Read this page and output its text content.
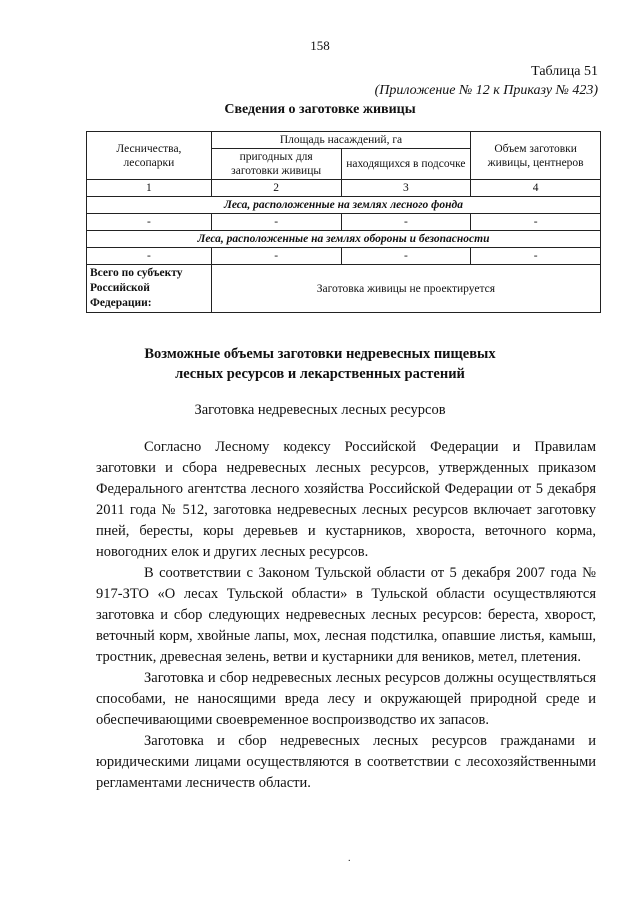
158
Таблица 51
(Приложение № 12 к Приказу № 423)
Сведения о заготовке живицы
Лесничества, лесопарки	Площадь насаждений, га		Объем заготовки живицы, центнеров
	пригодных для заготовки живицы	находящихся в подсочке	
1	2	3	4
Леса, расположенные на землях лесного фонда			
-	-	-	-
Леса, расположенные на землях обороны и безопасности			
-	-	-	-
Всего по субъекту Российской Федерации:	Заготовка живицы не проектируется		
Возможные объемы заготовки недревесных пищевых
лесных ресурсов и лекарственных растений
Заготовка недревесных лесных ресурсов

Согласно Лесному кодексу Российской Федерации и Правилам заготовки и сбора недревесных лесных ресурсов, утвержденных приказом Федерального агентства лесного хозяйства Российской Федерации от 5 декабря 2011 года № 512, заготовка недревесных лесных ресурсов включает заготовку пней, бересты, коры деревьев и кустарников, хвороста, веточного корма, новогодних елок и других лесных ресурсов.

В соответствии с Законом Тульской области от 5 декабря 2007 года № 917-ЗТО «О лесах Тульской области» в Тульской области осуществляются заготовка и сбор следующих недревесных лесных ресурсов: береста, хворост, веточный корм, хвойные лапы, мох, лесная подстилка, опавшие листья, камыш, тростник, древесная зелень, ветви и кустарники для веников, метел, плетения.

Заготовка и сбор недревесных лесных ресурсов должны осуществляться способами, не наносящими вреда лесу и окружающей природной среде и обеспечивающими своевременное воспроизводство их запасов.

Заготовка и сбор недревесных лесных ресурсов гражданами и юридическими лицами осуществляются в соответствии с лесохозяйственными регламентами лесничеств области.

.
